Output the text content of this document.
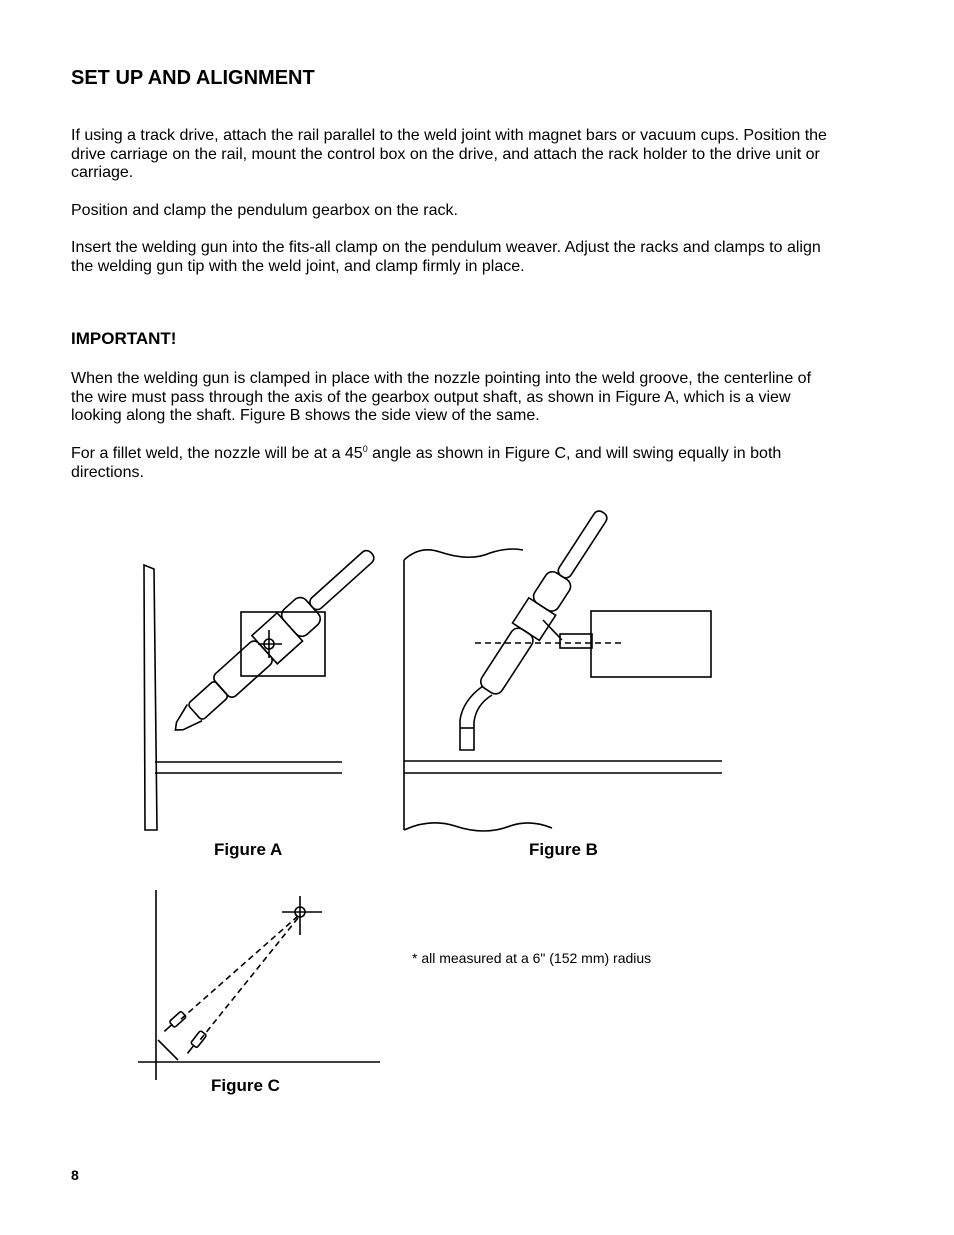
SET UP AND ALIGNMENT

If using a track drive, attach the rail parallel to the weld joint with magnet bars or vacuum cups. Position the drive carriage on the rail, mount the control box on the drive, and attach the rack holder to the drive unit or carriage.

Position and clamp the pendulum gearbox on the rack.

Insert the welding gun into the fits-all clamp on the pendulum weaver. Adjust the racks and clamps to align the welding gun tip with the weld joint, and clamp firmly in place.

IMPORTANT!

When the welding gun is clamped in place with the nozzle pointing into the weld groove, the centerline of the wire must pass through the axis of the gearbox output shaft, as shown in Figure A, which is a view looking along the shaft. Figure B shows the side view of the same.

For a fillet weld, the nozzle will be at a $45^0$ angle as shown in Figure C, and will swing equally in both directions.

Figure A	Figure B
Figure C
* all measured at a 6" (152 mm) radius
8
